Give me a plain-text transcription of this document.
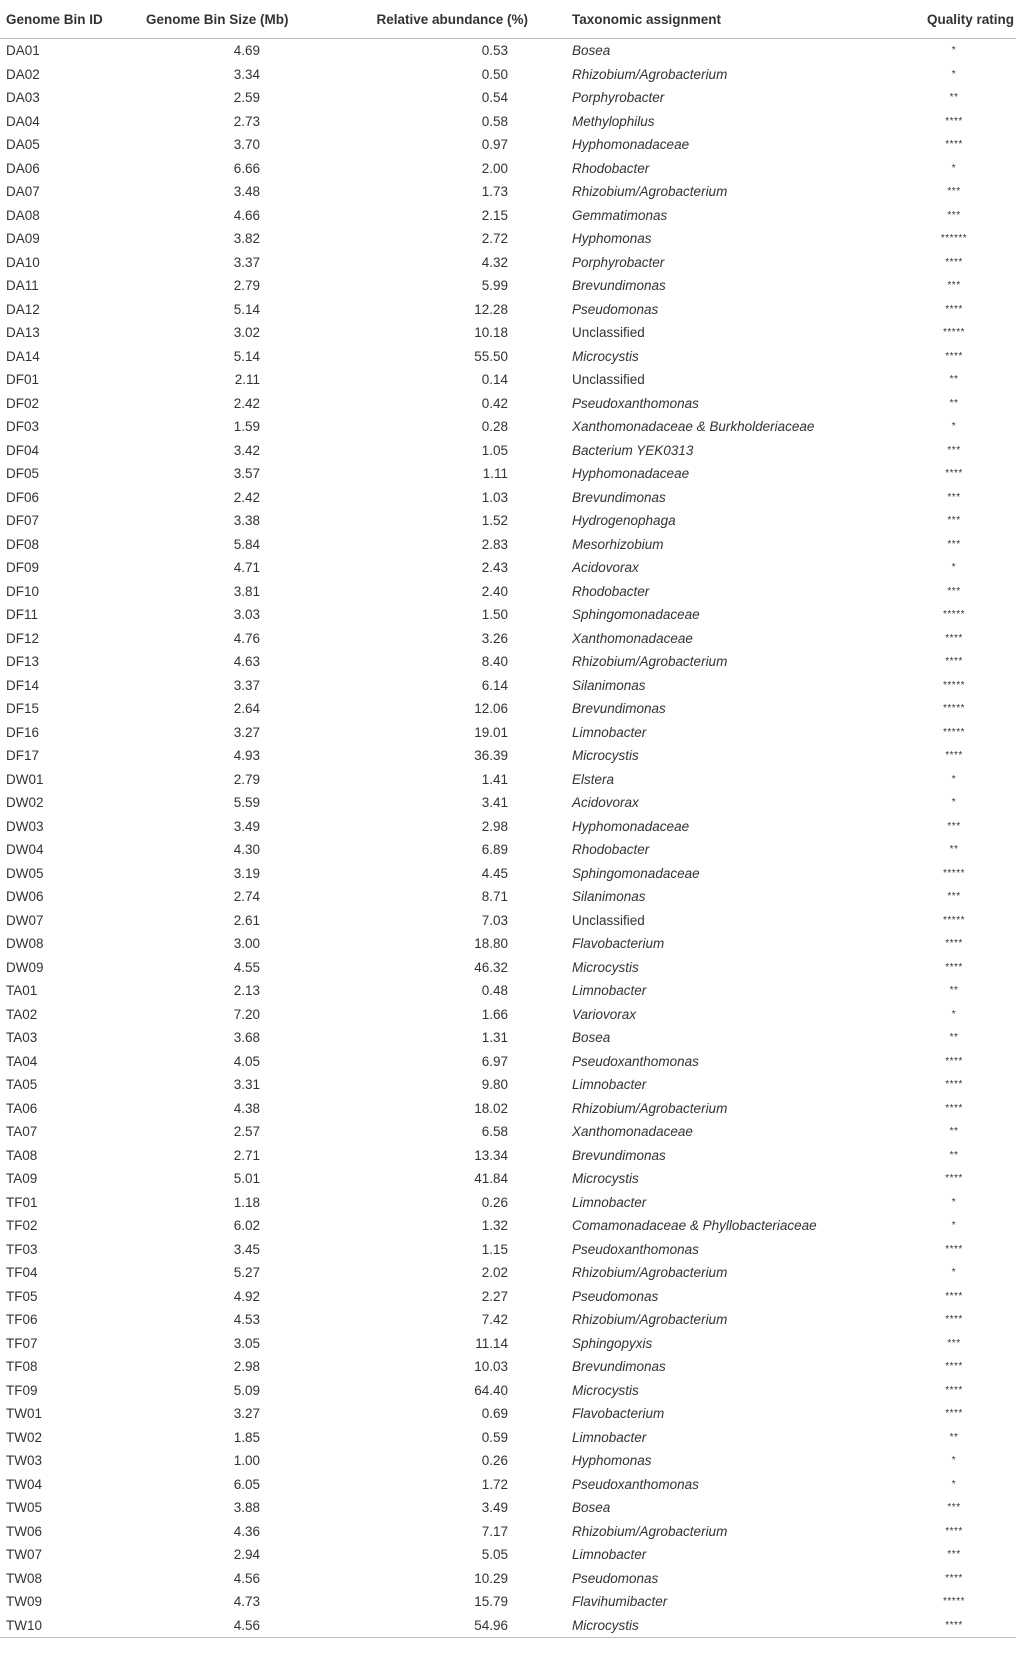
Genome Bin ID	Genome Bin Size (Mb)	Relative abundance (%)	Taxonomic assignment	Quality rating
DA01	4.69	0.53	Bosea	*
DA02	3.34	0.50	Rhizobium/Agrobacterium	*
DA03	2.59	0.54	Porphyrobacter	**
DA04	2.73	0.58	Methylophilus	****
DA05	3.70	0.97	Hyphomonadaceae	****
DA06	6.66	2.00	Rhodobacter	*
DA07	3.48	1.73	Rhizobium/Agrobacterium	***
DA08	4.66	2.15	Gemmatimonas	***
DA09	3.82	2.72	Hyphomonas	******
DA10	3.37	4.32	Porphyrobacter	****
DA11	2.79	5.99	Brevundimonas	***
DA12	5.14	12.28	Pseudomonas	****
DA13	3.02	10.18	Unclassified	*****
DA14	5.14	55.50	Microcystis	****
DF01	2.11	0.14	Unclassified	**
DF02	2.42	0.42	Pseudoxanthomonas	**
DF03	1.59	0.28	Xanthomonadaceae & Burkholderiaceae	*
DF04	3.42	1.05	Bacterium YEK0313	***
DF05	3.57	1.11	Hyphomonadaceae	****
DF06	2.42	1.03	Brevundimonas	***
DF07	3.38	1.52	Hydrogenophaga	***
DF08	5.84	2.83	Mesorhizobium	***
DF09	4.71	2.43	Acidovorax	*
DF10	3.81	2.40	Rhodobacter	***
DF11	3.03	1.50	Sphingomonadaceae	*****
DF12	4.76	3.26	Xanthomonadaceae	****
DF13	4.63	8.40	Rhizobium/Agrobacterium	****
DF14	3.37	6.14	Silanimonas	*****
DF15	2.64	12.06	Brevundimonas	*****
DF16	3.27	19.01	Limnobacter	*****
DF17	4.93	36.39	Microcystis	****
DW01	2.79	1.41	Elstera	*
DW02	5.59	3.41	Acidovorax	*
DW03	3.49	2.98	Hyphomonadaceae	***
DW04	4.30	6.89	Rhodobacter	**
DW05	3.19	4.45	Sphingomonadaceae	*****
DW06	2.74	8.71	Silanimonas	***
DW07	2.61	7.03	Unclassified	*****
DW08	3.00	18.80	Flavobacterium	****
DW09	4.55	46.32	Microcystis	****
TA01	2.13	0.48	Limnobacter	**
TA02	7.20	1.66	Variovorax	*
TA03	3.68	1.31	Bosea	**
TA04	4.05	6.97	Pseudoxanthomonas	****
TA05	3.31	9.80	Limnobacter	****
TA06	4.38	18.02	Rhizobium/Agrobacterium	****
TA07	2.57	6.58	Xanthomonadaceae	**
TA08	2.71	13.34	Brevundimonas	**
TA09	5.01	41.84	Microcystis	****
TF01	1.18	0.26	Limnobacter	*
TF02	6.02	1.32	Comamonadaceae & Phyllobacteriaceae	*
TF03	3.45	1.15	Pseudoxanthomonas	****
TF04	5.27	2.02	Rhizobium/Agrobacterium	*
TF05	4.92	2.27	Pseudomonas	****
TF06	4.53	7.42	Rhizobium/Agrobacterium	****
TF07	3.05	11.14	Sphingopyxis	***
TF08	2.98	10.03	Brevundimonas	****
TF09	5.09	64.40	Microcystis	****
TW01	3.27	0.69	Flavobacterium	****
TW02	1.85	0.59	Limnobacter	**
TW03	1.00	0.26	Hyphomonas	*
TW04	6.05	1.72	Pseudoxanthomonas	*
TW05	3.88	3.49	Bosea	***
TW06	4.36	7.17	Rhizobium/Agrobacterium	****
TW07	2.94	5.05	Limnobacter	***
TW08	4.56	10.29	Pseudomonas	****
TW09	4.73	15.79	Flavihumibacter	*****
TW10	4.56	54.96	Microcystis	****
